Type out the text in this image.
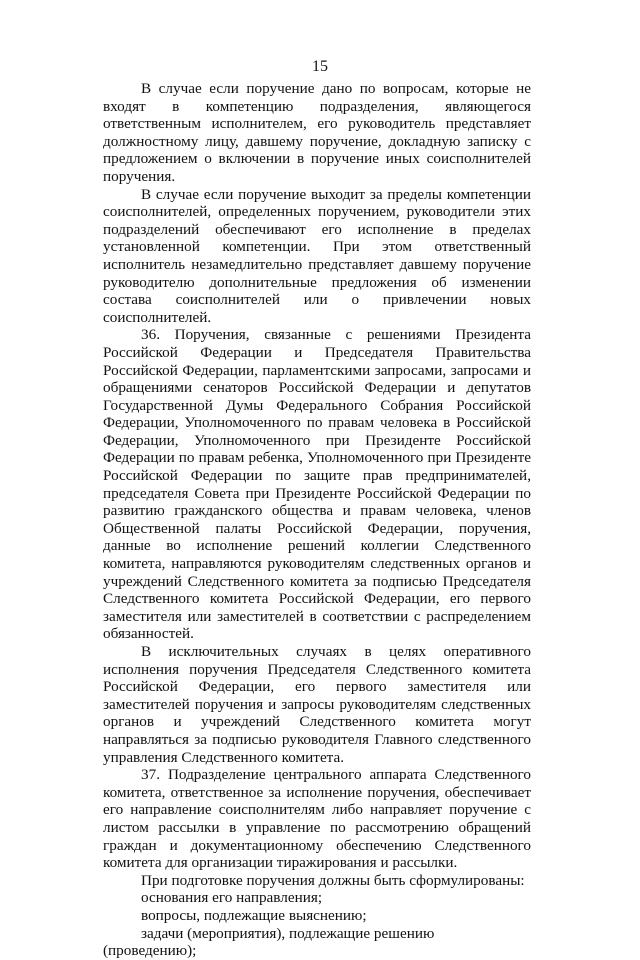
15

В случае если поручение дано по вопросам, которые не входят в компетенцию подразделения, являющегося ответственным исполнителем, его руководитель представляет должностному лицу, давшему поручение, докладную записку с предложением о включении в поручение иных соисполнителей поручения.

В случае если поручение выходит за пределы компетенции соисполнителей, определенных поручением, руководители этих подразделений обеспечивают его исполнение в пределах установленной компетенции. При этом ответственный исполнитель незамедлительно представляет давшему поручение руководителю дополнительные предложения об изменении состава соисполнителей или о привлечении новых соисполнителей.

36. Поручения, связанные с решениями Президента Российской Федерации и Председателя Правительства Российской Федерации, парламентскими запросами, запросами и обращениями сенаторов Российской Федерации и депутатов Государственной Думы Федерального Собрания Российской Федерации, Уполномоченного по правам человека в Российской Федерации, Уполномоченного при Президенте Российской Федерации по правам ребенка, Уполномоченного при Президенте Российской Федерации по защите прав предпринимателей, председателя Совета при Президенте Российской Федерации по развитию гражданского общества и правам человека, членов Общественной палаты Российской Федерации, поручения, данные во исполнение решений коллегии Следственного комитета, направляются руководителям следственных органов и учреждений Следственного комитета за подписью Председателя Следственного комитета Российской Федерации, его первого заместителя или заместителей в соответствии с распределением обязанностей.

В исключительных случаях в целях оперативного исполнения поручения Председателя Следственного комитета Российской Федерации, его первого заместителя или заместителей поручения и запросы руководителям следственных органов и учреждений Следственного комитета могут направляться за подписью руководителя Главного следственного управления Следственного комитета.

37. Подразделение центрального аппарата Следственного комитета, ответственное за исполнение поручения, обеспечивает его направление соисполнителям либо направляет поручение с листом рассылки в управление по рассмотрению обращений граждан и документационному обеспечению Следственного комитета для организации тиражирования и рассылки.

При подготовке поручения должны быть сформулированы:

основания его направления;

вопросы, подлежащие выяснению;

задачи (мероприятия), подлежащие решению (проведению);
